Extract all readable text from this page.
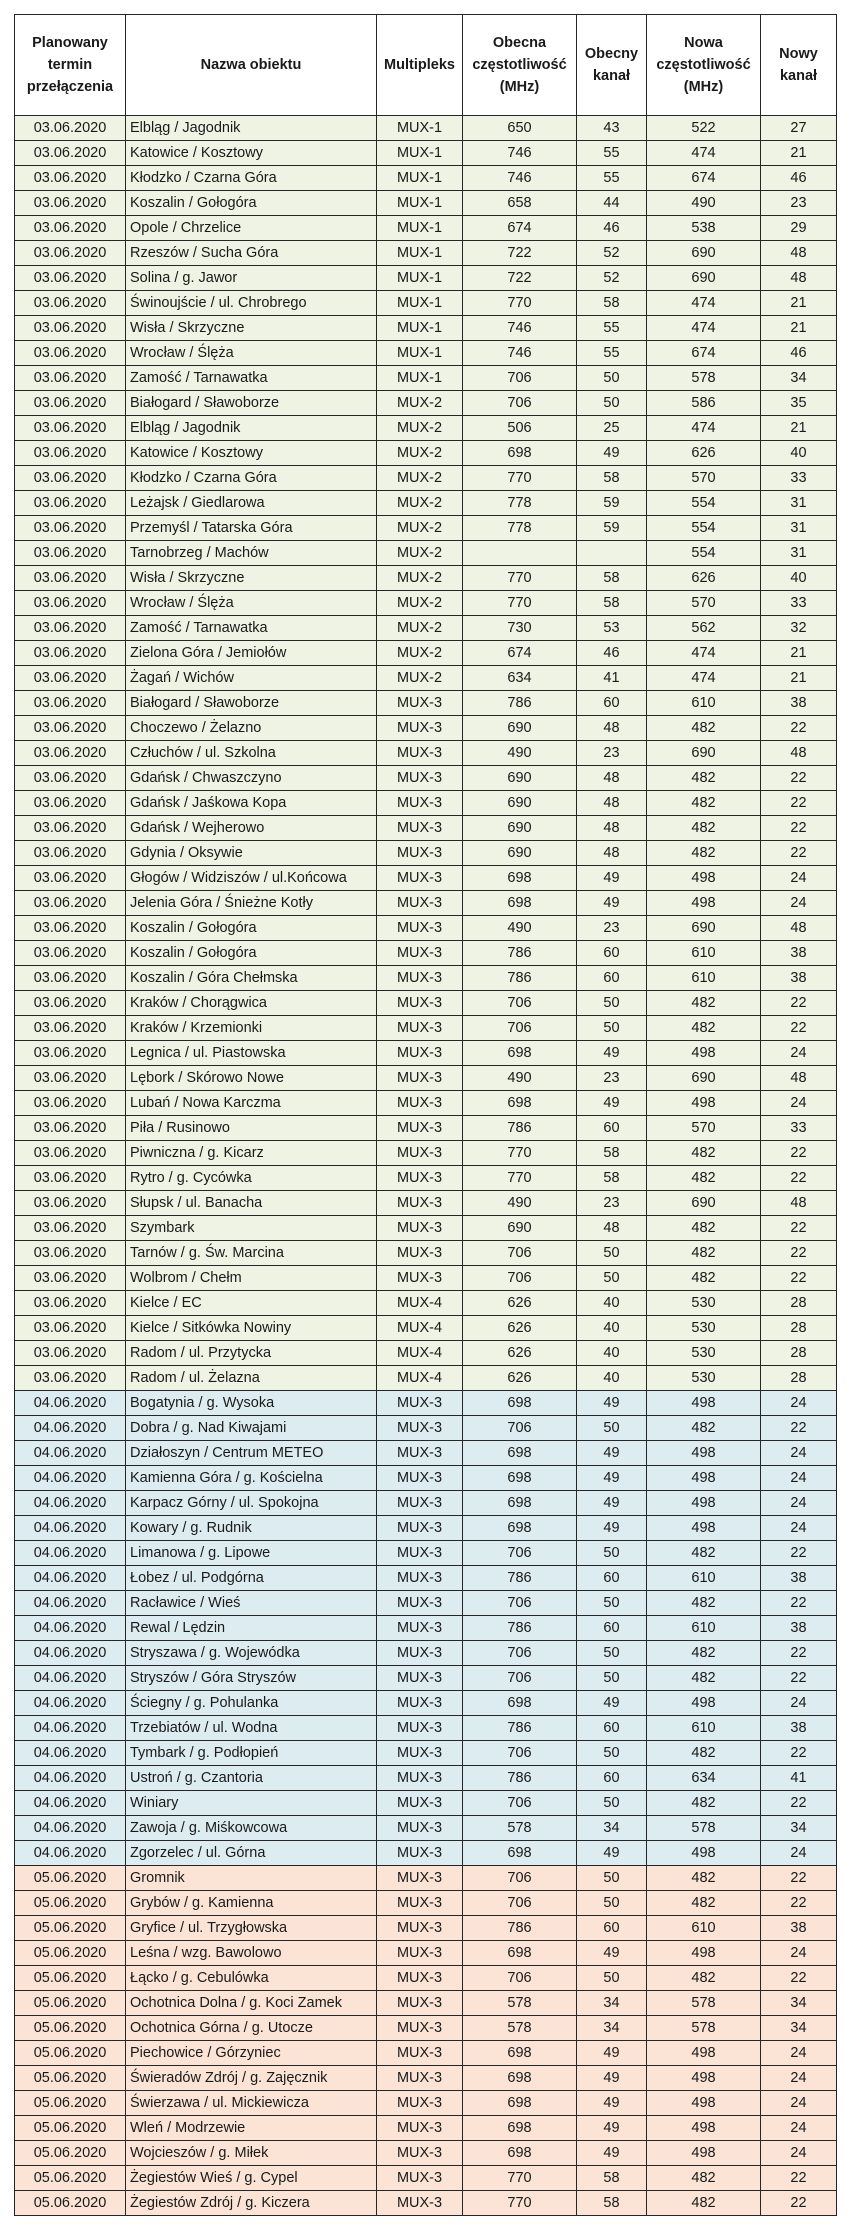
Planowany termin przełączenia	Nazwa obiektu	Multipleks	Obecna częstotliwość (MHz)	Obecny kanał	Nowa częstotliwość (MHz)	Nowy kanał
03.06.2020	Elbląg / Jagodnik	MUX-1	650	43	522	27
03.06.2020	Katowice / Kosztowy	MUX-1	746	55	474	21
03.06.2020	Kłodzko / Czarna Góra	MUX-1	746	55	674	46
03.06.2020	Koszalin / Gołogóra	MUX-1	658	44	490	23
03.06.2020	Opole / Chrzelice	MUX-1	674	46	538	29
03.06.2020	Rzeszów / Sucha Góra	MUX-1	722	52	690	48
03.06.2020	Solina / g. Jawor	MUX-1	722	52	690	48
03.06.2020	Świnoujście / ul. Chrobrego	MUX-1	770	58	474	21
03.06.2020	Wisła / Skrzyczne	MUX-1	746	55	474	21
03.06.2020	Wrocław / Ślęża	MUX-1	746	55	674	46
03.06.2020	Zamość / Tarnawatka	MUX-1	706	50	578	34
03.06.2020	Białogard / Sławoborze	MUX-2	706	50	586	35
03.06.2020	Elbląg / Jagodnik	MUX-2	506	25	474	21
03.06.2020	Katowice / Kosztowy	MUX-2	698	49	626	40
03.06.2020	Kłodzko / Czarna Góra	MUX-2	770	58	570	33
03.06.2020	Leżajsk / Giedlarowa	MUX-2	778	59	554	31
03.06.2020	Przemyśl / Tatarska Góra	MUX-2	778	59	554	31
03.06.2020	Tarnobrzeg / Machów	MUX-2			554	31
03.06.2020	Wisła / Skrzyczne	MUX-2	770	58	626	40
03.06.2020	Wrocław / Ślęża	MUX-2	770	58	570	33
03.06.2020	Zamość / Tarnawatka	MUX-2	730	53	562	32
03.06.2020	Zielona Góra / Jemiołów	MUX-2	674	46	474	21
03.06.2020	Żagań / Wichów	MUX-2	634	41	474	21
03.06.2020	Białogard / Sławoborze	MUX-3	786	60	610	38
03.06.2020	Choczewo / Żelazno	MUX-3	690	48	482	22
03.06.2020	Człuchów / ul. Szkolna	MUX-3	490	23	690	48
03.06.2020	Gdańsk / Chwaszczyno	MUX-3	690	48	482	22
03.06.2020	Gdańsk / Jaśkowa Kopa	MUX-3	690	48	482	22
03.06.2020	Gdańsk / Wejherowo	MUX-3	690	48	482	22
03.06.2020	Gdynia / Oksywie	MUX-3	690	48	482	22
03.06.2020	Głogów / Widziszów / ul.Końcowa	MUX-3	698	49	498	24
03.06.2020	Jelenia Góra / Śnieżne Kotły	MUX-3	698	49	498	24
03.06.2020	Koszalin / Gołogóra	MUX-3	490	23	690	48
03.06.2020	Koszalin / Gołogóra	MUX-3	786	60	610	38
03.06.2020	Koszalin / Góra Chełmska	MUX-3	786	60	610	38
03.06.2020	Kraków / Chorągwica	MUX-3	706	50	482	22
03.06.2020	Kraków / Krzemionki	MUX-3	706	50	482	22
03.06.2020	Legnica / ul. Piastowska	MUX-3	698	49	498	24
03.06.2020	Lębork / Skórowo Nowe	MUX-3	490	23	690	48
03.06.2020	Lubań / Nowa Karczma	MUX-3	698	49	498	24
03.06.2020	Piła / Rusinowo	MUX-3	786	60	570	33
03.06.2020	Piwniczna / g. Kicarz	MUX-3	770	58	482	22
03.06.2020	Rytro / g. Cycówka	MUX-3	770	58	482	22
03.06.2020	Słupsk / ul. Banacha	MUX-3	490	23	690	48
03.06.2020	Szymbark	MUX-3	690	48	482	22
03.06.2020	Tarnów / g. Św. Marcina	MUX-3	706	50	482	22
03.06.2020	Wolbrom / Chełm	MUX-3	706	50	482	22
03.06.2020	Kielce / EC	MUX-4	626	40	530	28
03.06.2020	Kielce / Sitkówka Nowiny	MUX-4	626	40	530	28
03.06.2020	Radom / ul. Przytycka	MUX-4	626	40	530	28
03.06.2020	Radom / ul. Żelazna	MUX-4	626	40	530	28
04.06.2020	Bogatynia / g. Wysoka	MUX-3	698	49	498	24
04.06.2020	Dobra / g. Nad Kiwajami	MUX-3	706	50	482	22
04.06.2020	Działoszyn / Centrum METEO	MUX-3	698	49	498	24
04.06.2020	Kamienna Góra / g. Kościelna	MUX-3	698	49	498	24
04.06.2020	Karpacz Górny / ul. Spokojna	MUX-3	698	49	498	24
04.06.2020	Kowary / g. Rudnik	MUX-3	698	49	498	24
04.06.2020	Limanowa / g. Lipowe	MUX-3	706	50	482	22
04.06.2020	Łobez / ul. Podgórna	MUX-3	786	60	610	38
04.06.2020	Racławice / Wieś	MUX-3	706	50	482	22
04.06.2020	Rewal / Lędzin	MUX-3	786	60	610	38
04.06.2020	Stryszawa / g. Wojewódka	MUX-3	706	50	482	22
04.06.2020	Stryszów / Góra Stryszów	MUX-3	706	50	482	22
04.06.2020	Ściegny / g. Pohulanka	MUX-3	698	49	498	24
04.06.2020	Trzebiatów / ul. Wodna	MUX-3	786	60	610	38
04.06.2020	Tymbark / g. Podłopień	MUX-3	706	50	482	22
04.06.2020	Ustroń / g. Czantoria	MUX-3	786	60	634	41
04.06.2020	Winiary	MUX-3	706	50	482	22
04.06.2020	Zawoja / g. Miśkowcowa	MUX-3	578	34	578	34
04.06.2020	Zgorzelec / ul. Górna	MUX-3	698	49	498	24
05.06.2020	Gromnik	MUX-3	706	50	482	22
05.06.2020	Grybów / g. Kamienna	MUX-3	706	50	482	22
05.06.2020	Gryfice / ul. Trzygłowska	MUX-3	786	60	610	38
05.06.2020	Leśna / wzg. Bawolowo	MUX-3	698	49	498	24
05.06.2020	Łącko / g. Cebulówka	MUX-3	706	50	482	22
05.06.2020	Ochotnica Dolna / g. Koci Zamek	MUX-3	578	34	578	34
05.06.2020	Ochotnica Górna / g. Utocze	MUX-3	578	34	578	34
05.06.2020	Piechowice / Górzyniec	MUX-3	698	49	498	24
05.06.2020	Świeradów Zdrój / g. Zajęcznik	MUX-3	698	49	498	24
05.06.2020	Świerzawa / ul. Mickiewicza	MUX-3	698	49	498	24
05.06.2020	Wleń / Modrzewie	MUX-3	698	49	498	24
05.06.2020	Wojcieszów / g. Miłek	MUX-3	698	49	498	24
05.06.2020	Żegiestów Wieś / g. Cypel	MUX-3	770	58	482	22
05.06.2020	Żegiestów Zdrój / g. Kiczera	MUX-3	770	58	482	22
